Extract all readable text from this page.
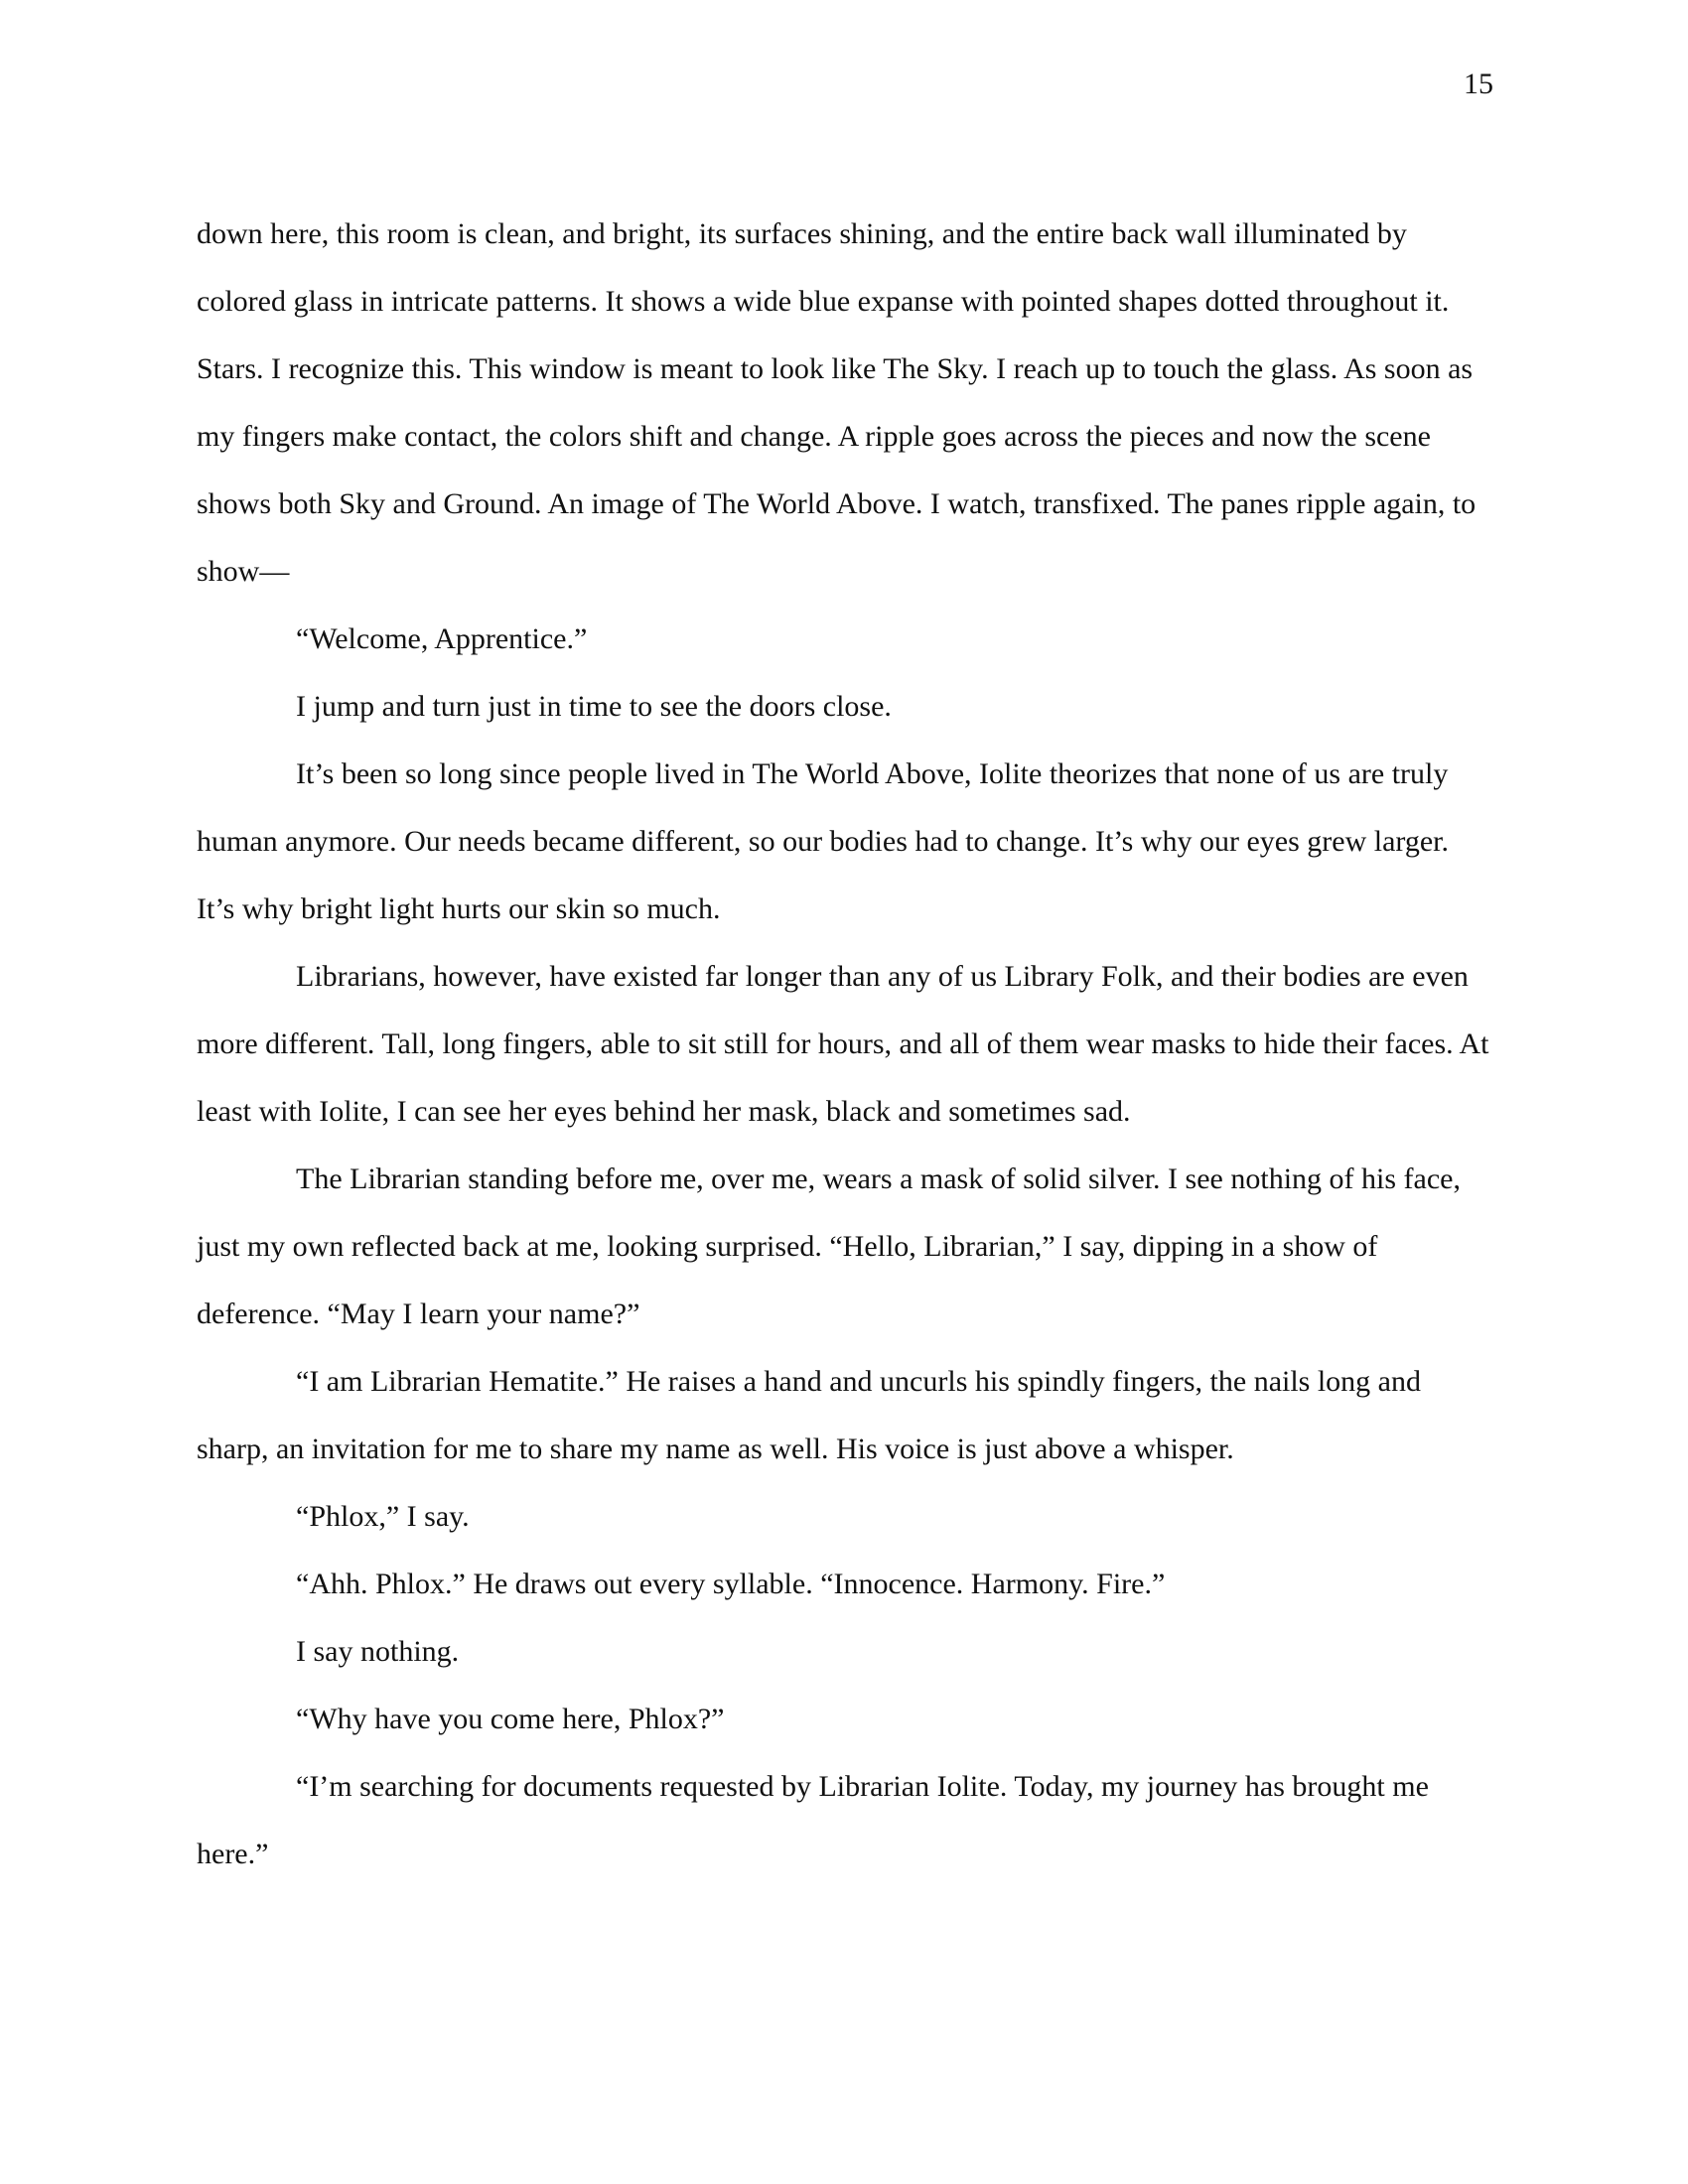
15

down here, this room is clean, and bright, its surfaces shining, and the entire back wall illuminated by colored glass in intricate patterns. It shows a wide blue expanse with pointed shapes dotted throughout it. Stars. I recognize this. This window is meant to look like The Sky. I reach up to touch the glass. As soon as my fingers make contact, the colors shift and change. A ripple goes across the pieces and now the scene shows both Sky and Ground. An image of The World Above. I watch, transfixed. The panes ripple again, to show—

“Welcome, Apprentice.”

I jump and turn just in time to see the doors close.

It’s been so long since people lived in The World Above, Iolite theorizes that none of us are truly human anymore. Our needs became different, so our bodies had to change. It’s why our eyes grew larger. It’s why bright light hurts our skin so much.

Librarians, however, have existed far longer than any of us Library Folk, and their bodies are even more different. Tall, long fingers, able to sit still for hours, and all of them wear masks to hide their faces. At least with Iolite, I can see her eyes behind her mask, black and sometimes sad.

The Librarian standing before me, over me, wears a mask of solid silver. I see nothing of his face, just my own reflected back at me, looking surprised. “Hello, Librarian,” I say, dipping in a show of deference. “May I learn your name?”

“I am Librarian Hematite.” He raises a hand and uncurls his spindly fingers, the nails long and sharp, an invitation for me to share my name as well. His voice is just above a whisper.

“Phlox,” I say.

“Ahh. Phlox.” He draws out every syllable. “Innocence. Harmony. Fire.”

I say nothing.

“Why have you come here, Phlox?”

“I’m searching for documents requested by Librarian Iolite. Today, my journey has brought me here.”
